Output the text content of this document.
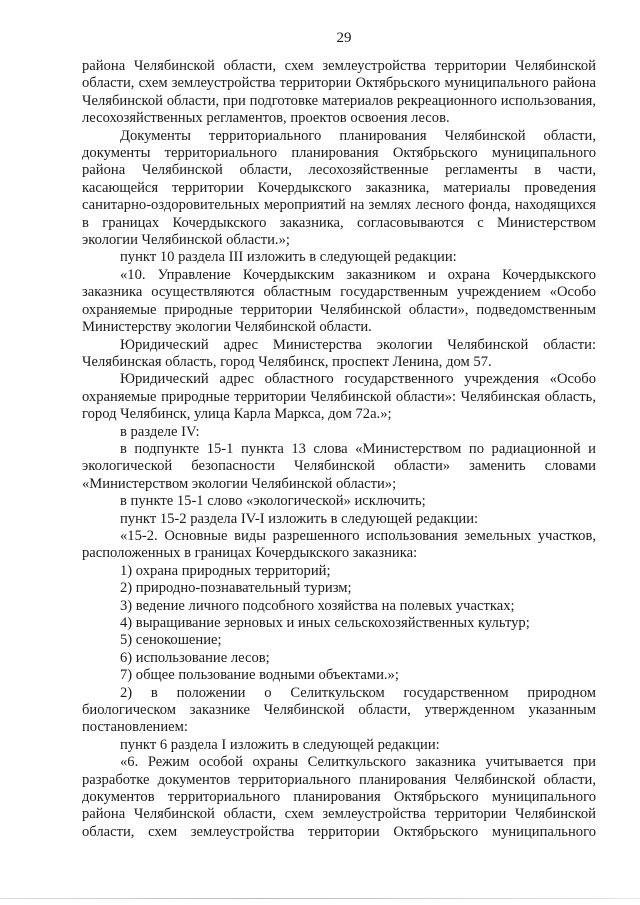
29

района Челябинской области, схем землеустройства территории Челябинской области, схем землеустройства территории Октябрьского муниципального района Челябинской области, при подготовке материалов рекреационного использования, лесохозяйственных регламентов, проектов освоения лесов.

Документы территориального планирования Челябинской области, документы территориального планирования Октябрьского муниципального района Челябинской области, лесохозяйственные регламенты в части, касающейся территории Кочердыкского заказника, материалы проведения санитарно-оздоровительных мероприятий на землях лесного фонда, находящихся в границах Кочердыкского заказника, согласовываются с Министерством экологии Челябинской области.»;

пункт 10 раздела III изложить в следующей редакции:

«10. Управление Кочердыкским заказником и охрана Кочердыкского заказника осуществляются областным государственным учреждением «Особо охраняемые природные территории Челябинской области», подведомственным Министерству экологии Челябинской области.

Юридический адрес Министерства экологии Челябинской области: Челябинская область, город Челябинск, проспект Ленина, дом 57.

Юридический адрес областного государственного учреждения «Особо охраняемые природные территории Челябинской области»: Челябинская область, город Челябинск, улица Карла Маркса, дом 72а.»;

в разделе IV:

в подпункте 15-1 пункта 13 слова «Министерством по радиационной и экологической безопасности Челябинской области» заменить словами «Министерством экологии Челябинской области»;

в пункте 15-1 слово «экологической» исключить;

пункт 15-2 раздела IV-I изложить в следующей редакции:

«15-2. Основные виды разрешенного использования земельных участков, расположенных в границах Кочердыкского заказника:

1) охрана природных территорий;

2) природно-познавательный туризм;

3) ведение личного подсобного хозяйства на полевых участках;

4) выращивание зерновых и иных сельскохозяйственных культур;

5) сенокошение;

6) использование лесов;

7) общее пользование водными объектами.»;

2) в положении о Селиткульском государственном природном биологическом заказнике Челябинской области, утвержденном указанным постановлением:

пункт 6 раздела I изложить в следующей редакции:

«6. Режим особой охраны Селиткульского заказника учитывается при разработке документов территориального планирования Челябинской области, документов территориального планирования Октябрьского муниципального района Челябинской области, схем землеустройства территории Челябинской области, схем землеустройства территории Октябрьского муниципального
